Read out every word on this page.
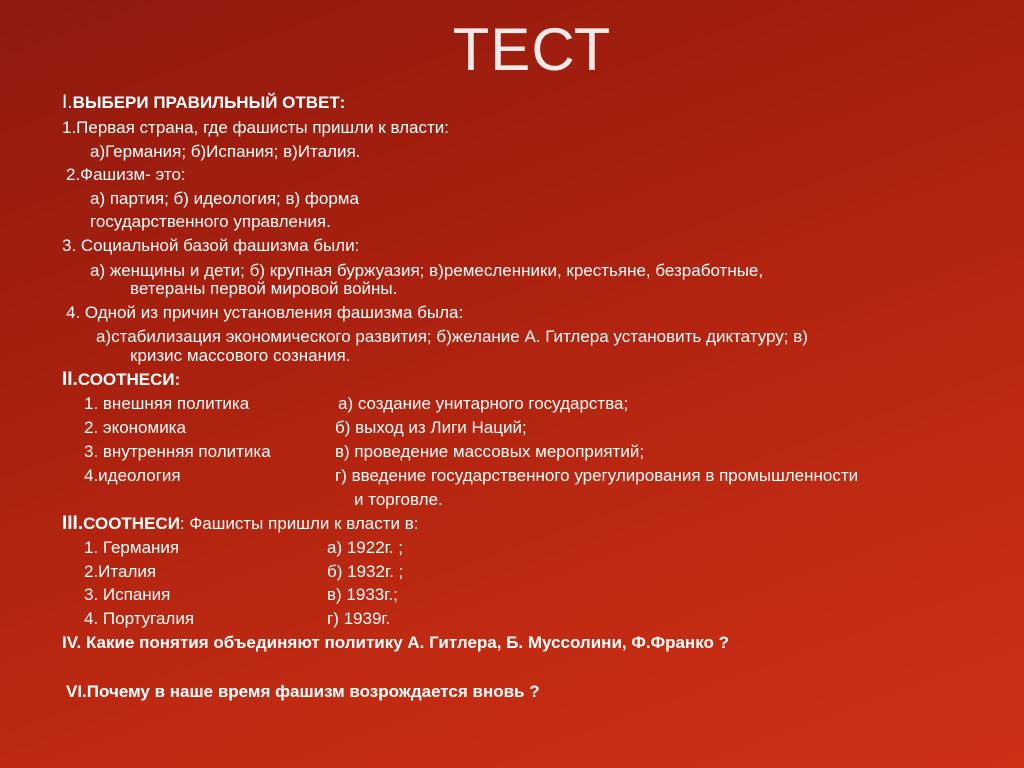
ТЕСТ
I.ВЫБЕРИ ПРАВИЛЬНЫЙ ОТВЕТ:
1.Первая страна, где фашисты пришли к власти:
а)Германия; б)Испания; в)Италия.
2.Фашизм- это:
а) партия; б) идеология; в) форма
государственного управления.
3. Социальной базой фашизма были:
а) женщины и дети; б) крупная буржуазия; в)ремесленники, крестьяне, безработные,
ветераны первой мировой войны.
4. Одной из причин установления фашизма была:
а)стабилизация экономического развития; б)желание А. Гитлера установить диктатуру; в)
кризис массового сознания.
II.СООТНЕСИ:
1. внешняя политика	а) создание унитарного государства;
2. экономика	б) выход из Лиги Наций;
3. внутренняя политика	в) проведение массовых мероприятий;
4.идеология	г) введение государственного урегулирования в промышленности
и торговле.
III.СООТНЕСИ: Фашисты пришли к власти в:
1. Германия	а) 1922г. ;
2.Италия	б) 1932г. ;
3. Испания	в) 1933г.;
4. Португалия	г) 1939г.
IV. Какие понятия объединяют политику А. Гитлера, Б. Муссолини, Ф.Франко ?
VI.Почему в наше время фашизм возрождается вновь ?
